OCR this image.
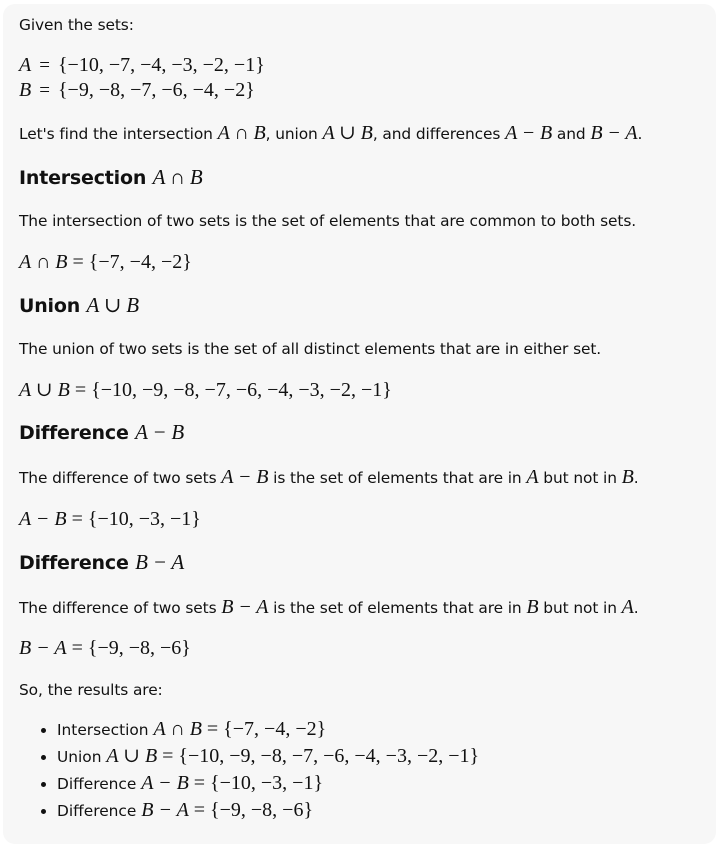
Given the sets:

A = {−10, −7, −4, −3, −2, −1}

B = {−9, −8, −7, −6, −4, −2}

Let's find the intersection A ∩ B, union A ∪ B, and differences A − B and B − A.

Intersection A ∩ B

The intersection of two sets is the set of elements that are common to both sets.

A ∩ B = {−7, −4, −2}

Union A ∪ B

The union of two sets is the set of all distinct elements that are in either set.

A ∪ B = {−10, −9, −8, −7, −6, −4, −3, −2, −1}

Difference A − B

The difference of two sets A − B is the set of elements that are in A but not in B.

A − B = {−10, −3, −1}

Difference B − A

The difference of two sets B − A is the set of elements that are in B but not in A.

B − A = {−9, −8, −6}

So, the results are:

• Intersection A ∩ B = {−7, −4, −2}
• Union A ∪ B = {−10, −9, −8, −7, −6, −4, −3, −2, −1}
• Difference A − B = {−10, −3, −1}
• Difference B − A = {−9, −8, −6}
